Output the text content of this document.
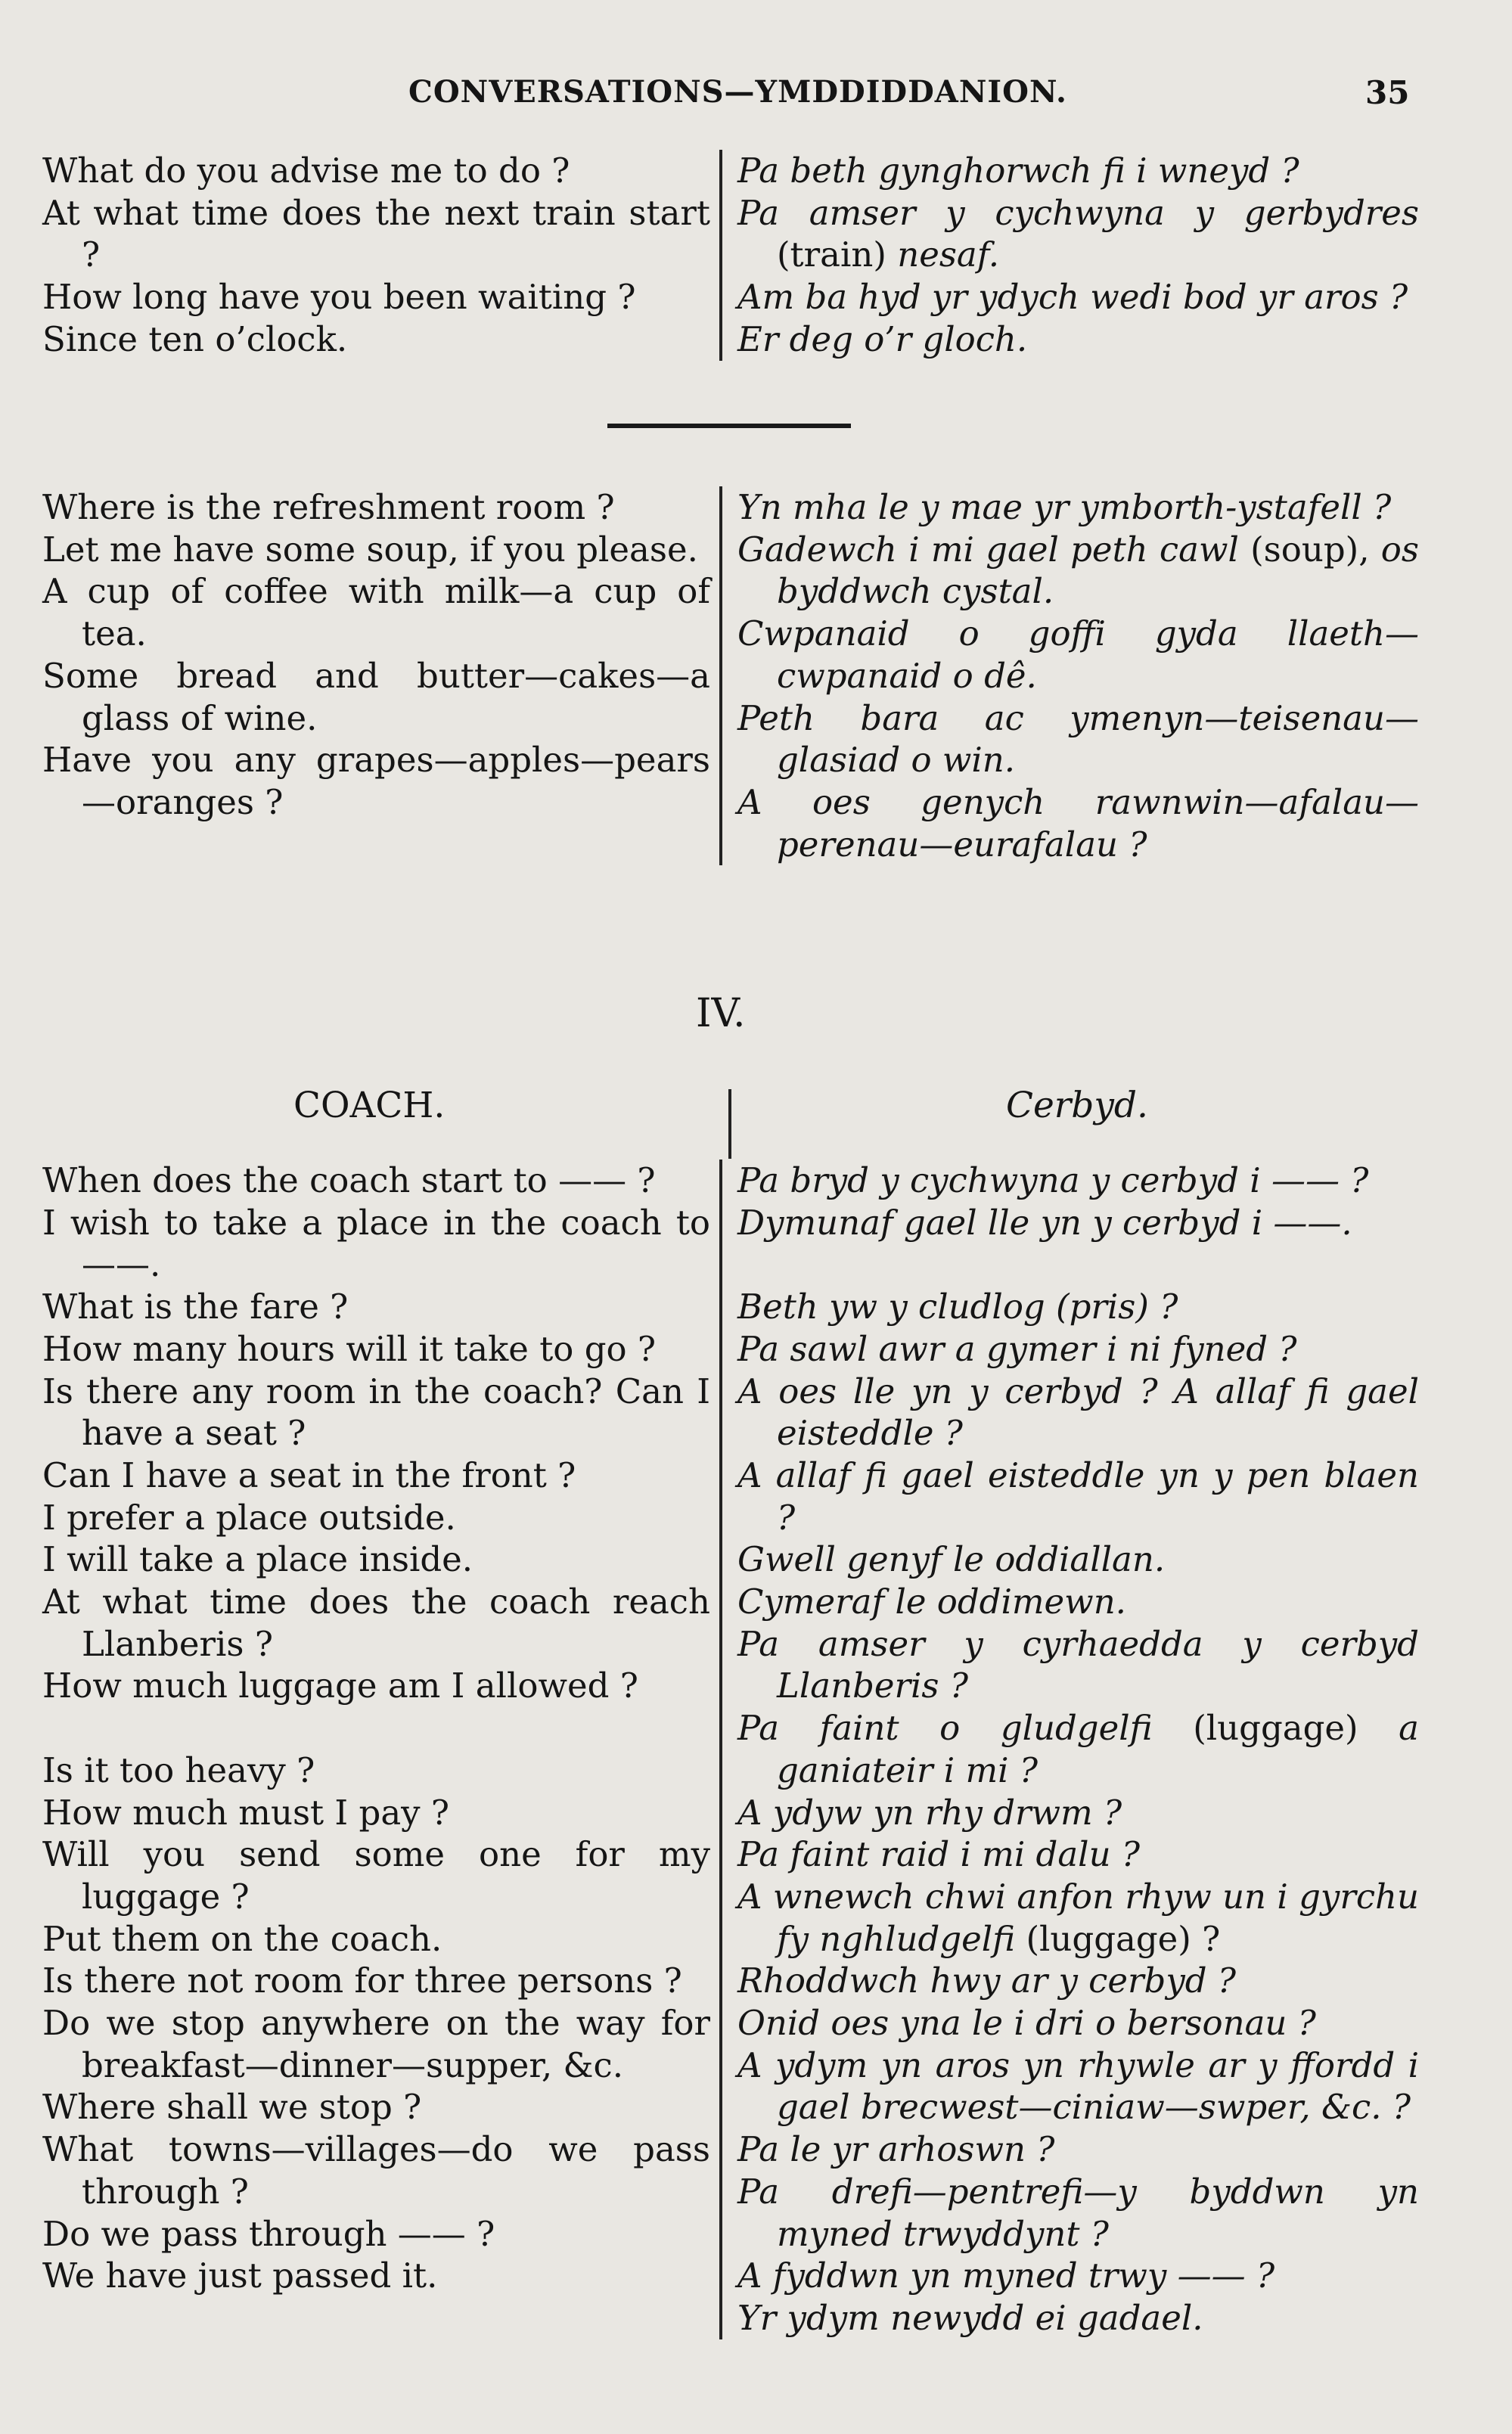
CONVERSATIONS—YMDDIDDANION.	35
What do you advise me to do ?
At what time does the next train start ?
How long have you been waiting ?
Since ten o’clock.
Pa beth gynghorwch fi i wneyd ?
Pa amser y cychwyna y gerbydres (train) nesaf.
Am ba hyd yr ydych wedi bod yr aros ?
Er deg o’r gloch.
Where is the refreshment room ?
Let me have some soup, if you please.
A cup of coffee with milk—a cup of tea.
Some bread and butter—cakes—a glass of wine.
Have you any grapes—apples—pears—oranges ?
Yn mha le y mae yr ymborth-ystafell ?
Gadewch i mi gael peth cawl (soup), os byddwch cystal.
Cwpanaid o goffi gyda llaeth—cwpanaid o dê.
Peth bara ac ymenyn—teisenau—glasiad o win.
A oes genych rawnwin—afalau—perenau—eurafalau ?
IV.
COACH.	Cerbyd.
When does the coach start to —— ?
I wish to take a place in the coach to ——.
What is the fare ?
How many hours will it take to go ?
Is there any room in the coach? Can I have a seat ?
Can I have a seat in the front ?
I prefer a place outside.
I will take a place inside.
At what time does the coach reach Llanberis ?
How much luggage am I allowed ?
Is it too heavy ?
How much must I pay ?
Will you send some one for my luggage ?
Put them on the coach.
Is there not room for three persons ?
Do we stop anywhere on the way for breakfast—dinner—supper, &c.
Where shall we stop ?
What towns—villages—do we pass through ?
Do we pass through —— ?
We have just passed it.
Pa bryd y cychwyna y cerbyd i —— ?
Dymunaf gael lle yn y cerbyd i ——.
Beth yw y cludlog (pris) ?
Pa sawl awr a gymer i ni fyned ?
A oes lle yn y cerbyd ? A allaf fi gael eisteddle ?
A allaf fi gael eisteddle yn y pen blaen ?
Gwell genyf le oddiallan.
Cymeraf le oddimewn.
Pa amser y cyrhaedda y cerbyd Llanberis ?
Pa faint o gludgelfi (luggage) a ganiateir i mi ?
A ydyw yn rhy drwm ?
Pa faint raid i mi dalu ?
A wnewch chwi anfon rhyw un i gyrchu fy nghludgelfi (luggage) ?
Rhoddwch hwy ar y cerbyd ?
Onid oes yna le i dri o bersonau ?
A ydym yn aros yn rhywle ar y ffordd i gael brecwest—ciniaw—swper, &c. ?
Pa le yr arhoswn ?
Pa drefi—pentrefi—y byddwn yn myned trwyddynt ?
A fyddwn yn myned trwy —— ?
Yr ydym newydd ei gadael.
